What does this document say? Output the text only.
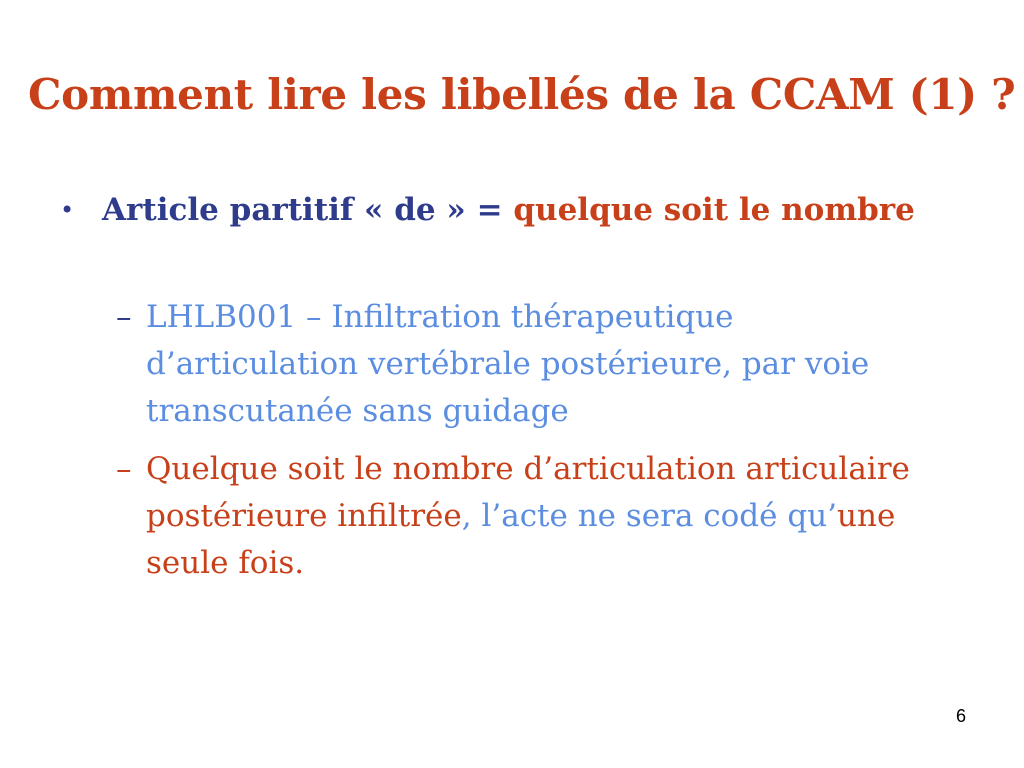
Comment lire les libellés de la CCAM (1) ?
• Article partitif « de » = quelque soit le nombre
– LHLB001 – Infiltration thérapeutique d’articulation vertébrale postérieure, par voie transcutanée sans guidage
– Quelque soit le nombre d’articulation articulaire postérieure infiltrée, l’acte ne sera codé qu’une seule fois.
6
